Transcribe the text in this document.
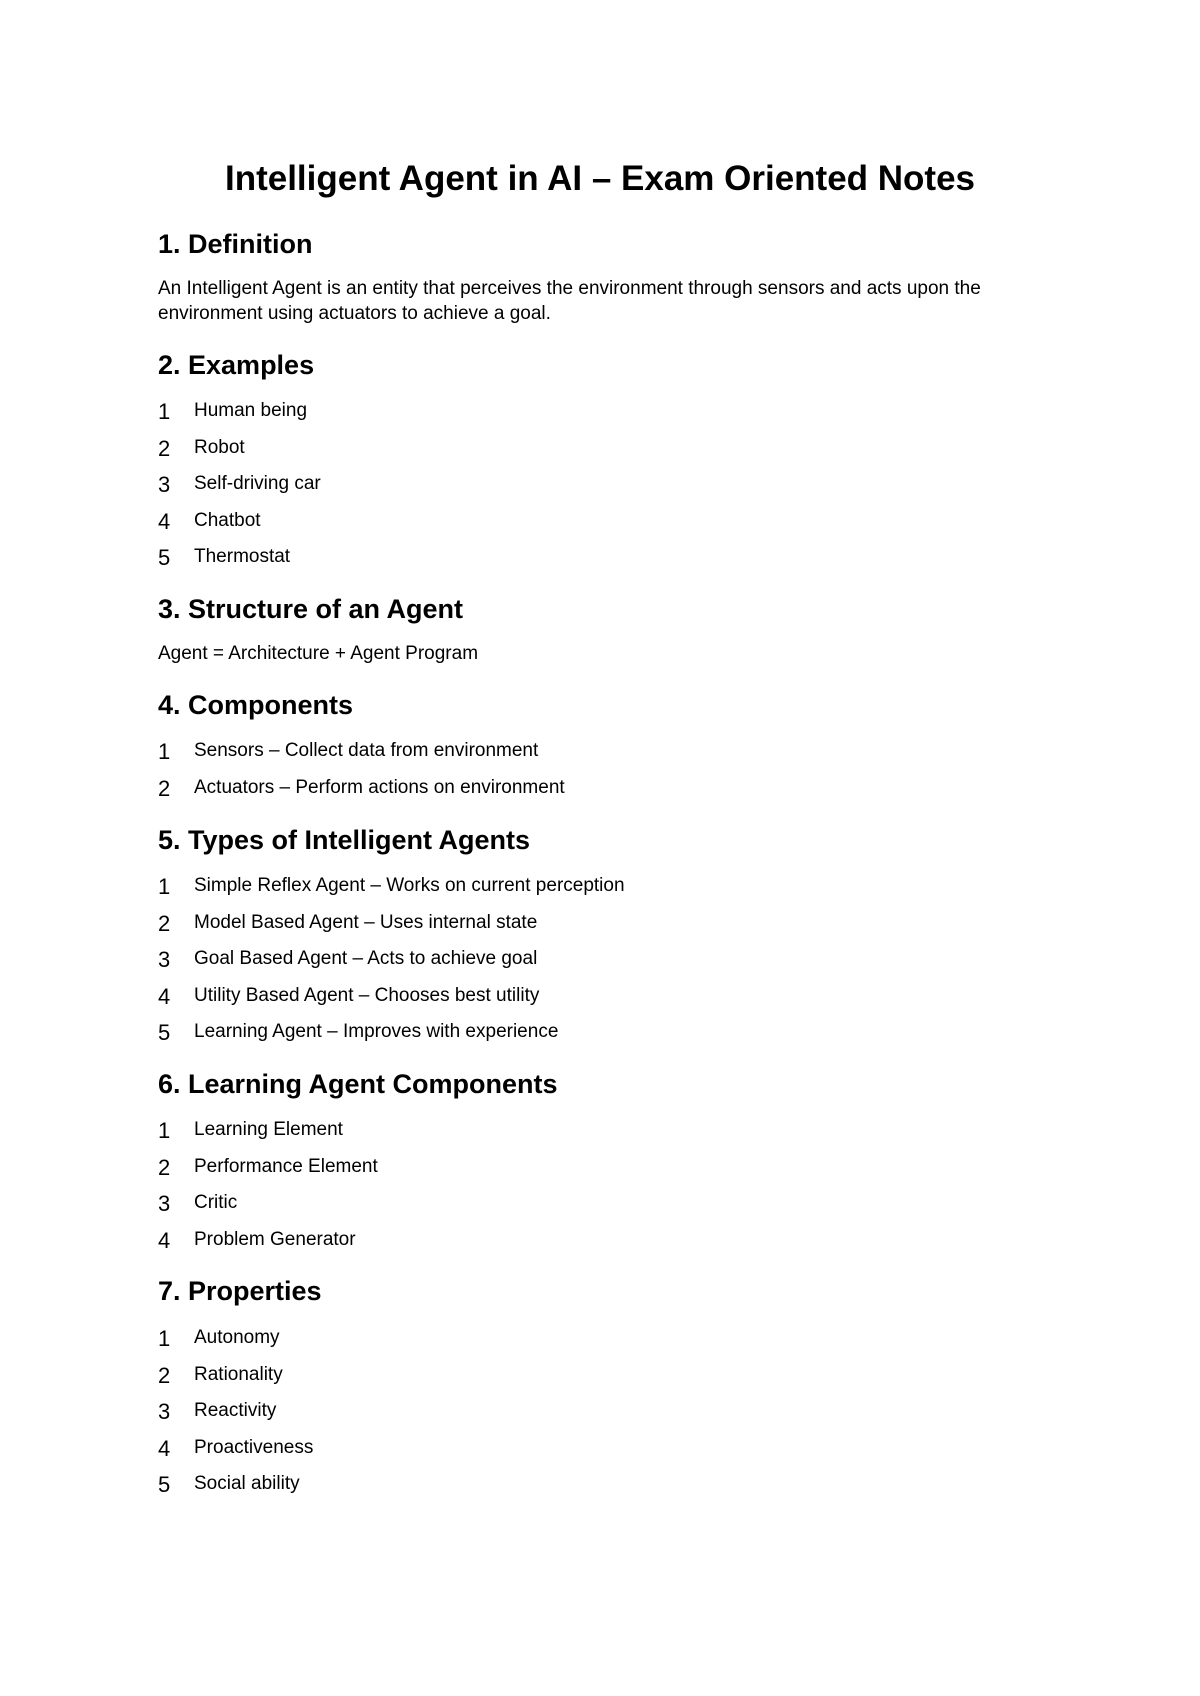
Intelligent Agent in AI – Exam Oriented Notes
1. Definition

An Intelligent Agent is an entity that perceives the environment through sensors and acts upon the environment using actuators to achieve a goal.

2. Examples
1	Human being
2	Robot
3	Self-driving car
4	Chatbot
5	Thermostat
3. Structure of an Agent

Agent = Architecture + Agent Program

4. Components
1	Sensors – Collect data from environment
2	Actuators – Perform actions on environment
5. Types of Intelligent Agents
1	Simple Reflex Agent – Works on current perception
2	Model Based Agent – Uses internal state
3	Goal Based Agent – Acts to achieve goal
4	Utility Based Agent – Chooses best utility
5	Learning Agent – Improves with experience
6. Learning Agent Components
1	Learning Element
2	Performance Element
3	Critic
4	Problem Generator
7. Properties
1	Autonomy
2	Rationality
3	Reactivity
4	Proactiveness
5	Social ability
